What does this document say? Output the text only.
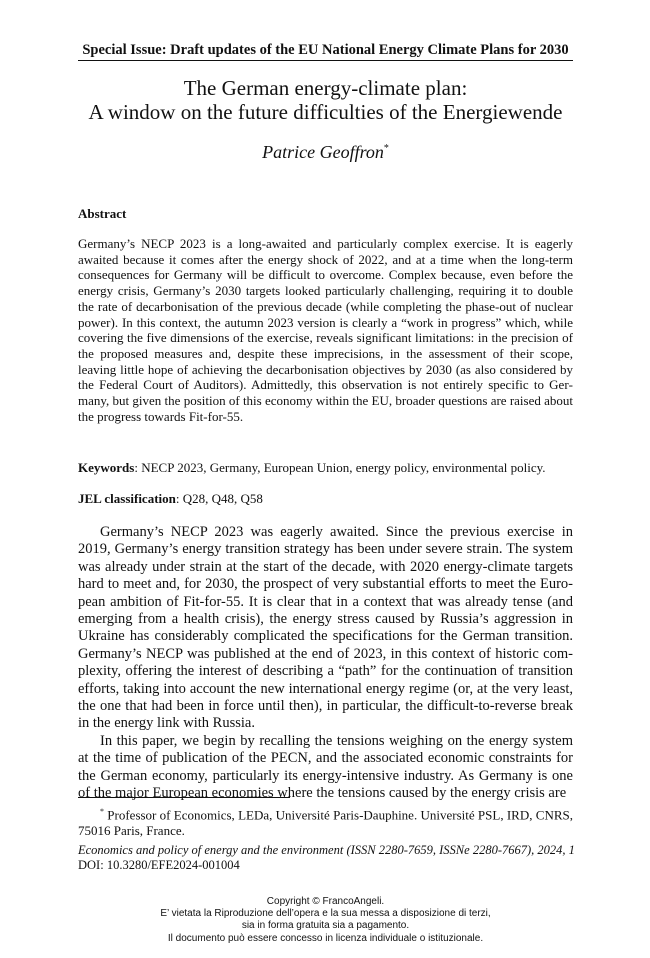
Special Issue: Draft updates of the EU National Energy Climate Plans for 2030
The German energy-climate plan:
A window on the future difficulties of the Energiewende
Patrice Geoffron*
Abstract
Germany’s NECP 2023 is a long-awaited and particularly complex exercise. It is eagerly awaited because it comes after the energy shock of 2022, and at a time when the long-term consequences for Germany will be difficult to overcome. Complex because, even before the energy crisis, Germany’s 2030 targets looked particularly challenging, requiring it to double the rate of decarbonisation of the previous decade (while completing the phase-out of nuclear power). In this context, the autumn 2023 version is clearly a “work in progress” which, while covering the five dimensions of the exercise, reveals significant limitations: in the precision of the proposed measures and, despite these imprecisions, in the assessment of their scope, leaving little hope of achieving the decarbonisation objectives by 2030 (as also considered by the Federal Court of Auditors). Admittedly, this observation is not entirely specific to Germany, but given the position of this economy within the EU, broader questions are raised about the progress towards Fit-for-55.
Keywords: NECP 2023, Germany, European Union, energy policy, environmental policy.
JEL classification: Q28, Q48, Q58

Germany’s NECP 2023 was eagerly awaited. Since the previous exercise in 2019, Germany’s energy transition strategy has been under severe strain. The system was already under strain at the start of the decade, with 2020 energy-climate targets hard to meet and, for 2030, the prospect of very substantial efforts to meet the European ambition of Fit-for-55. It is clear that in a context that was already tense (and emerging from a health crisis), the energy stress caused by Russia’s aggression in Ukraine has considerably complicated the specifications for the German transition. Germany’s NECP was published at the end of 2023, in this context of historic complexity, offering the interest of describing a “path” for the continuation of transition efforts, taking into account the new international energy regime (or, at the very least, the one that had been in force until then), in particular, the difficult-to-reverse break in the energy link with Russia.

In this paper, we begin by recalling the tensions weighing on the energy system at the time of publication of the PECN, and the associated economic constraints for the German economy, particularly its energy-intensive industry. As Germany is one of the major European economies where the tensions caused by the energy crisis are

* Professor of Economics, LEDa, Université Paris-Dauphine. Université PSL, IRD, CNRS, 75016 Paris, France.
Economics and policy of energy and the environment (ISSN 2280-7659, ISSNe 2280-7667), 2024, 1
DOI: 10.3280/EFE2024-001004
Copyright © FrancoAngeli.
E’ vietata la Riproduzione dell’opera e la sua messa a disposizione di terzi,
sia in forma gratuita sia a pagamento.
Il documento può essere concesso in licenza individuale o istituzionale.
